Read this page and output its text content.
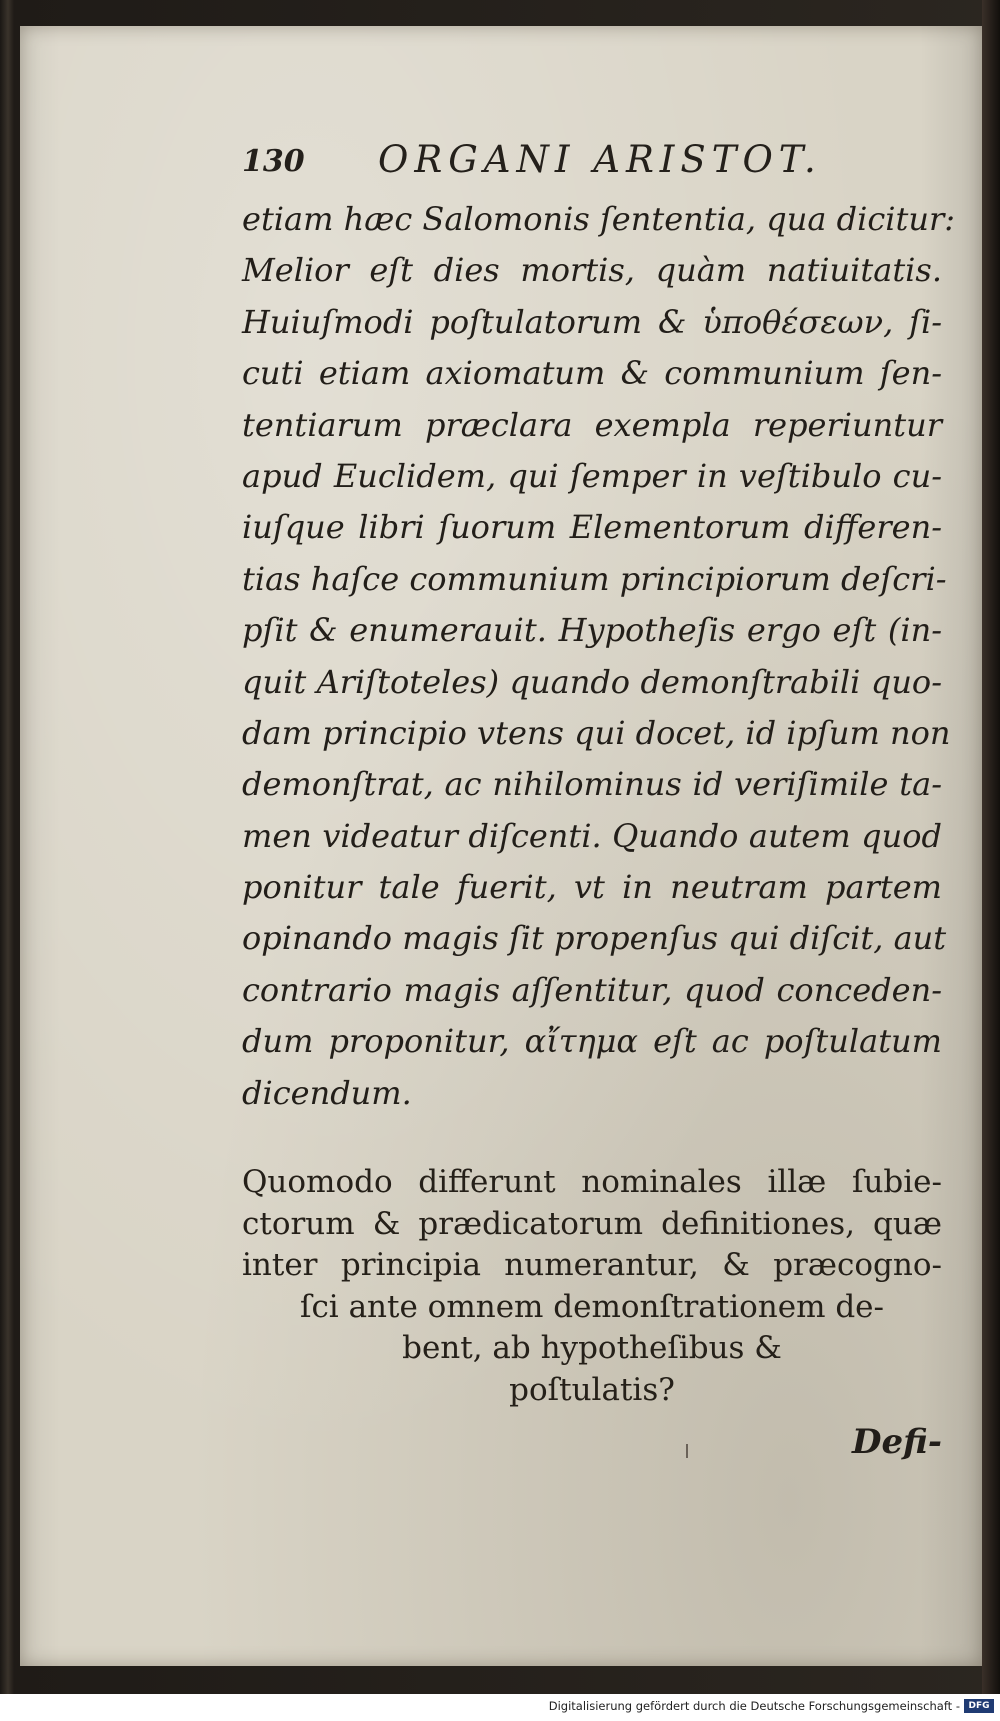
130 ORGANI ARISTOT.
etiam hæc Salomonis ſententia, qua dicitur:
Melior eſt dies mortis, quàm natiuitatis.
Huiuſmodi poſtulatorum & ὑποθέσεων, ſi-
cuti etiam axiomatum & communium ſen-
tentiarum præclara exempla reperiuntur
apud Euclidem, qui ſemper in veſtibulo cu-
iuſque libri ſuorum Elementorum differen-
tias haſce communium principiorum deſcri-
pſit & enumerauit. Hypotheſis ergo eſt (in-
quit Ariſtoteles) quando demonſtrabili quo-
dam principio vtens qui docet, id ipſum non
demonſtrat, ac nihilominus id veriſimile ta-
men videatur diſcenti. Quando autem quod
ponitur tale fuerit, vt in neutram partem
opinando magis ſit propenſus qui diſcit, aut
contrario magis aſſentitur, quod conceden-
dum proponitur, αἴτημα eſt ac poſtulatum
dicendum.
Quomodo differunt nominales illæ ſubie-
ctorum & prædicatorum definitiones, quæ
inter principia numerantur, & præcogno-
ſci ante omnem demonſtrationem de-
bent, ab hypotheſibus &
poſtulatis?
Defi-
Digitalisierung gefördert durch die Deutsche Forschungsgemeinschaft - DFG
